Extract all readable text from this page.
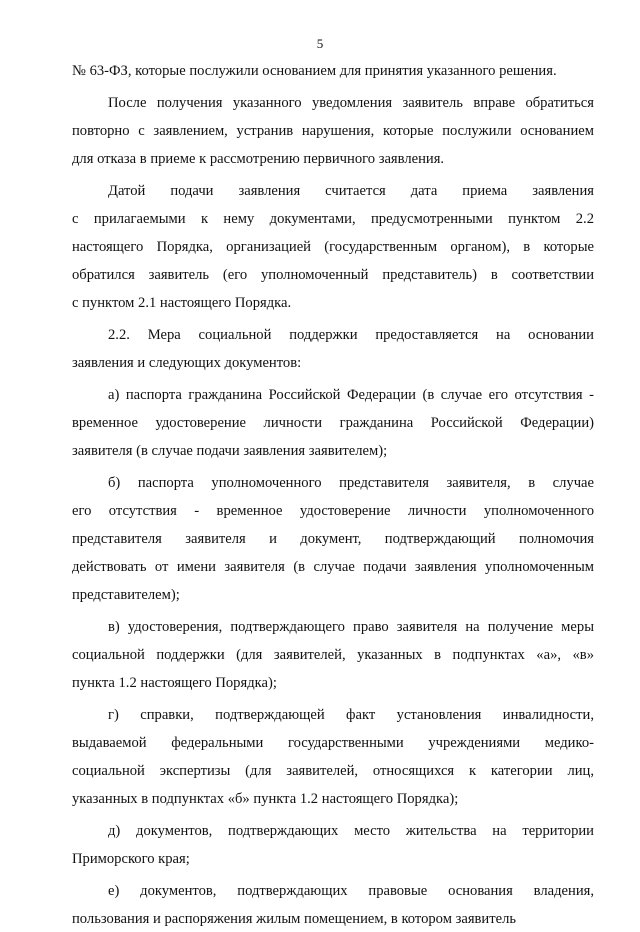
5
№ 63-ФЗ, которые послужили основанием для принятия указанного решения.
После получения указанного уведомления заявитель вправе обратиться
повторно с заявлением, устранив нарушения, которые послужили основанием
для отказа в приеме к рассмотрению первичного заявления.
Датой подачи заявления считается дата приема заявления
с прилагаемыми к нему документами, предусмотренными пунктом 2.2
настоящего Порядка, организацией (государственным органом), в которые
обратился заявитель (его уполномоченный представитель) в соответствии
с пунктом 2.1 настоящего Порядка.
2.2. Мера социальной поддержки предоставляется на основании
заявления и следующих документов:
а) паспорта гражданина Российской Федерации (в случае его отсутствия -
временное удостоверение личности гражданина Российской Федерации)
заявителя (в случае подачи заявления заявителем);
б) паспорта уполномоченного представителя заявителя, в случае
его отсутствия - временное удостоверение личности уполномоченного
представителя заявителя и документ, подтверждающий полномочия
действовать от имени заявителя (в случае подачи заявления уполномоченным
представителем);
в) удостоверения, подтверждающего право заявителя на получение меры
социальной поддержки (для заявителей, указанных в подпунктах «а», «в»
пункта 1.2 настоящего Порядка);
г) справки, подтверждающей факт установления инвалидности,
выдаваемой федеральными государственными учреждениями медико-
социальной экспертизы (для заявителей, относящихся к категории лиц,
указанных в подпунктах «б» пункта 1.2 настоящего Порядка);
д) документов, подтверждающих место жительства на территории
Приморского края;
е) документов, подтверждающих правовые основания владения,
пользования и распоряжения жилым помещением, в котором заявитель
